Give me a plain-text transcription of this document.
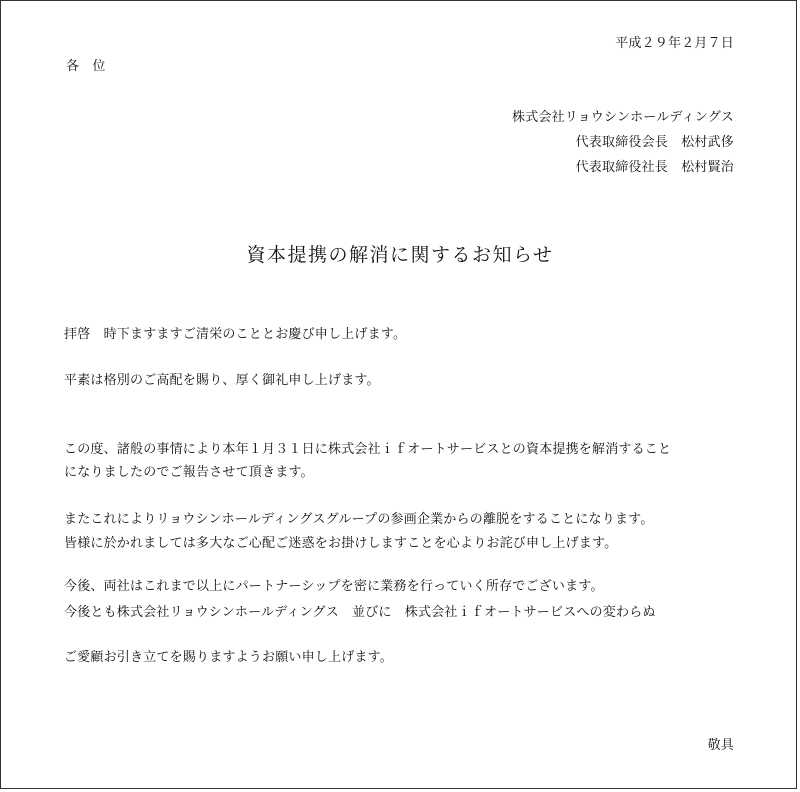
平成２９年２月７日
各　位
株式会社リョウシンホールディングス
代表取締役会長　松村武侈
代表取締役社長　松村賢治
資本提携の解消に関するお知らせ
拝啓　時下ますますご清栄のこととお慶び申し上げます。
平素は格別のご高配を賜り、厚く御礼申し上げます。
この度、諸般の事情により本年１月３１日に株式会社ｉｆオートサービスとの資本提携を解消すること
になりましたのでご報告させて頂きます。
またこれによりリョウシンホールディングスグループの参画企業からの離脱をすることになります。
皆様に於かれましては多大なご心配ご迷惑をお掛けしますことを心よりお詫び申し上げます。
今後、両社はこれまで以上にパートナーシップを密に業務を行っていく所存でございます。
今後とも株式会社リョウシンホールディングス　並びに　株式会社ｉｆオートサービスへの変わらぬ
ご愛顧お引き立てを賜りますようお願い申し上げます。
敬具
